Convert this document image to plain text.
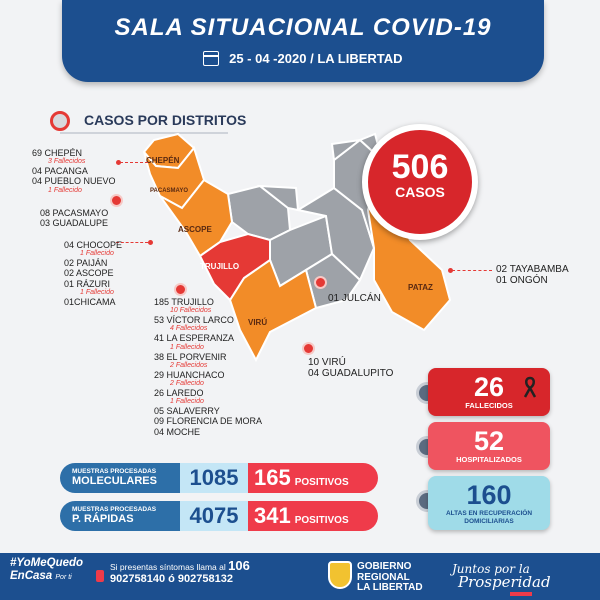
SALA SITUACIONAL COVID-19
25 - 04 -2020 / LA LIBERTAD
CASOS POR DISTRITOS
CHEPÉN
PACASMAYO
ASCOPE
TRUJILLO
VIRÚ
PATAZ
69 CHEPÉN
3 Fallecidos
04 PACANGA
04 PUEBLO NUEVO
1 Fallecido
08 PACASMAYO
03 GUADALUPE
04 CHOCOPE
1 Fallecido
02 PAIJÁN
02 ASCOPE
01 RÁZURI
1 Fallecido
01CHICAMA	185 TRUJILLO
10 Fallecidos
53 VÍCTOR LARCO
4 Fallecidos
41 LA ESPERANZA
1 Fallecido
38 EL PORVENIR
2 Fallecidos
29 HUANCHACO
2 Fallecido
26 LAREDO
1 Fallecido
05 SALAVERRY
09 FLORENCIA DE MORA
04 MOCHE
01 JULCÁN
10 VIRÚ
04 GUADALUPITO
02 TAYABAMBA
01 ONGÓN
506
CASOS
26
FALLECIDOS
52
HOSPITALIZADOS
160
ALTAS EN RECUPERACIÓN DOMICILIARIAS
MUESTRAS PROCESADAS
MOLECULARES	1085 165 POSITIVOS
MUESTRAS PROCESADAS
P. RÁPIDAS	4075 341 POSITIVOS
#YoMeQuedo
EnCasa Por ti
Si presentas síntomas llama al 106
902758140 ó 902758132
GOBIERNO
REGIONAL
LA LIBERTAD
Juntos por la
Prosperidad
